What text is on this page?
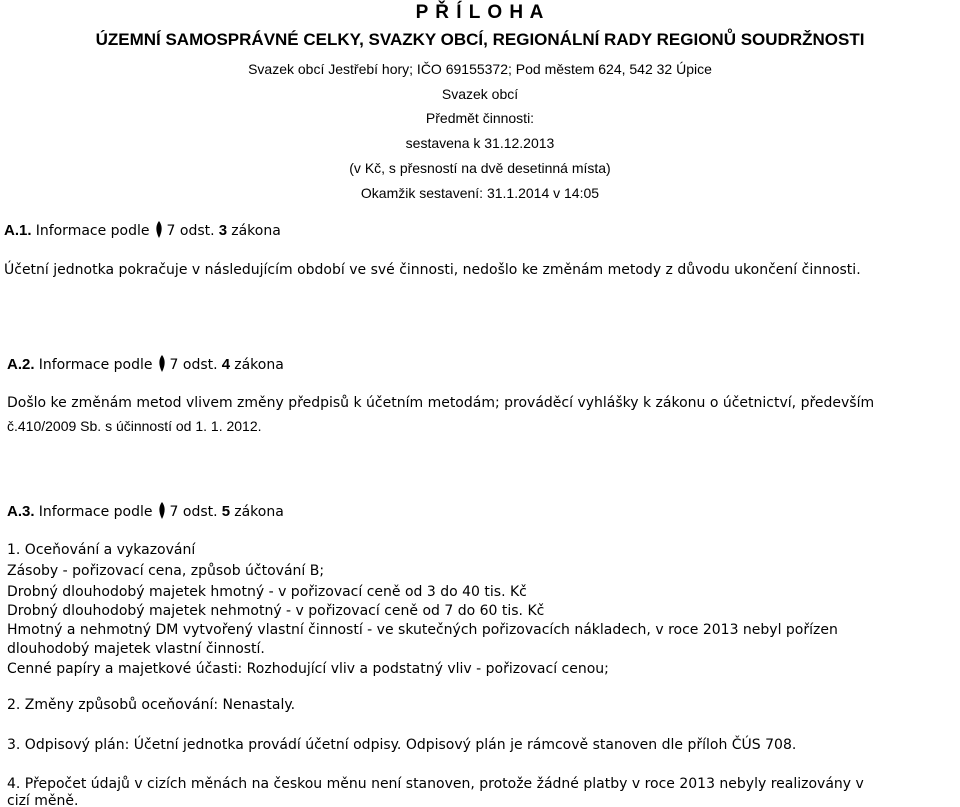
P Ř Í L O H A
ÚZEMNÍ SAMOSPRÁVNÉ CELKY, SVAZKY OBCÍ, REGIONÁLNÍ RADY REGIONŮ SOUDRŽNOSTI
Svazek obcí Jestřebí hory; IČO 69155372; Pod městem 624, 542 32 Úpice
Svazek obcí
Předmět činnosti:
sestavena k 31.12.2013
(v Kč, s přesností na dvě desetinná místa)
Okamžik sestavení: 31.1.2014 v 14:05
A.1. Informace podle 7 odst. 3 zákona
Účetní jednotka pokračuje v následujícím období ve své činnosti, nedošlo ke změnám metody z důvodu ukončení činnosti.
A.2. Informace podle 7 odst. 4 zákona
Došlo ke změnám metod vlivem změny předpisů k účetním metodám; prováděcí vyhlášky k zákonu o účetnictví, především
č.410/2009 Sb. s účinností od 1. 1. 2012.
A.3. Informace podle 7 odst. 5 zákona
1. Oceňování a vykazování
Zásoby - pořizovací cena, způsob účtování B;
Drobný dlouhodobý majetek hmotný - v pořizovací ceně od 3 do 40 tis. Kč
Drobný dlouhodobý majetek nehmotný - v pořizovací ceně od 7 do 60 tis. Kč
Hmotný a nehmotný DM vytvořený vlastní činností - ve skutečných pořizovacích nákladech, v roce 2013 nebyl pořízen
dlouhodobý majetek vlastní činností.
Cenné papíry a majetkové účasti: Rozhodující vliv a podstatný vliv - pořizovací cenou;
2. Změny způsobů oceňování: Nenastaly.
3. Odpisový plán: Účetní jednotka provádí účetní odpisy. Odpisový plán je rámcově stanoven dle příloh ČÚS 708.
4. Přepočet údajů v cizích měnách na českou měnu není stanoven, protože žádné platby v roce 2013 nebyly realizovány v
cizí měně.
